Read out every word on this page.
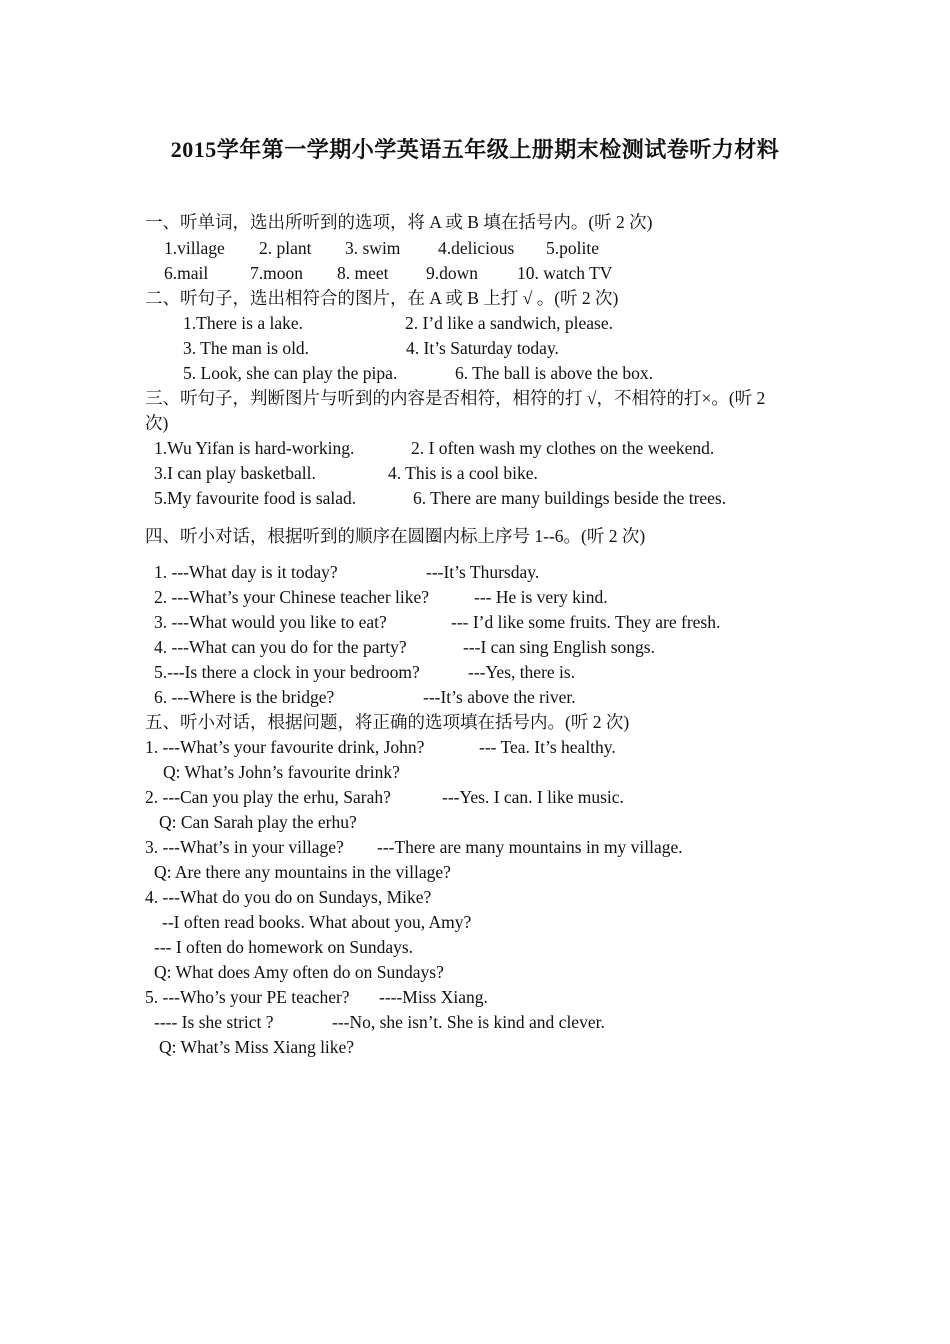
2015学年第一学期小学英语五年级上册期末检测试卷听力材料
一、听单词，选出所听到的选项，将 A 或 B 填在括号内。(听 2 次)
1.village 2. plant 3. swim 4.delicious 5.polite
6.mail 7.moon 8. meet 9.down 10. watch TV
二、听句子，选出相符合的图片，在 A 或 B 上打 √ 。(听 2 次)
1.There is a lake.	2. I’d like a sandwich, please.
3. The man is old.	4. It’s Saturday today.
5. Look, she can play the pipa.	6. The ball is above the box.
三、听句子，判断图片与听到的内容是否相符，相符的打 √，不相符的打×。(听 2
次)
1.Wu Yifan is hard-working.	2. I often wash my clothes on the weekend.
3.I can play basketball.	4. This is a cool bike.
5.My favourite food is salad.	6. There are many buildings beside the trees.
四、听小对话，根据听到的顺序在圆圈内标上序号 1--6。(听 2 次)
1. ---What day is it today?	---It’s Thursday.
2. ---What’s your Chinese teacher like?	--- He is very kind.
3. ---What would you like to eat?	--- I’d like some fruits. They are fresh.
4. ---What can you do for the party?	---I can sing English songs.
5.---Is there a clock in your bedroom?	---Yes, there is.
6. ---Where is the bridge?	---It’s above the river.
五、听小对话，根据问题，将正确的选项填在括号内。(听 2 次)
1. ---What’s your favourite drink, John?	--- Tea. It’s healthy.
Q: What’s John’s favourite drink?
2. ---Can you play the erhu, Sarah?	---Yes. I can. I like music.
Q: Can Sarah play the erhu?
3. ---What’s in your village? ---There are many mountains in my village.
Q: Are there any mountains in the village?
4. ---What do you do on Sundays, Mike?
--I often read books. What about you, Amy?
--- I often do homework on Sundays.
Q: What does Amy often do on Sundays?
5. ---Who’s your PE teacher? ----Miss Xiang.
---- Is she strict ?	---No, she isn’t. She is kind and clever.
Q: What’s Miss Xiang like?
